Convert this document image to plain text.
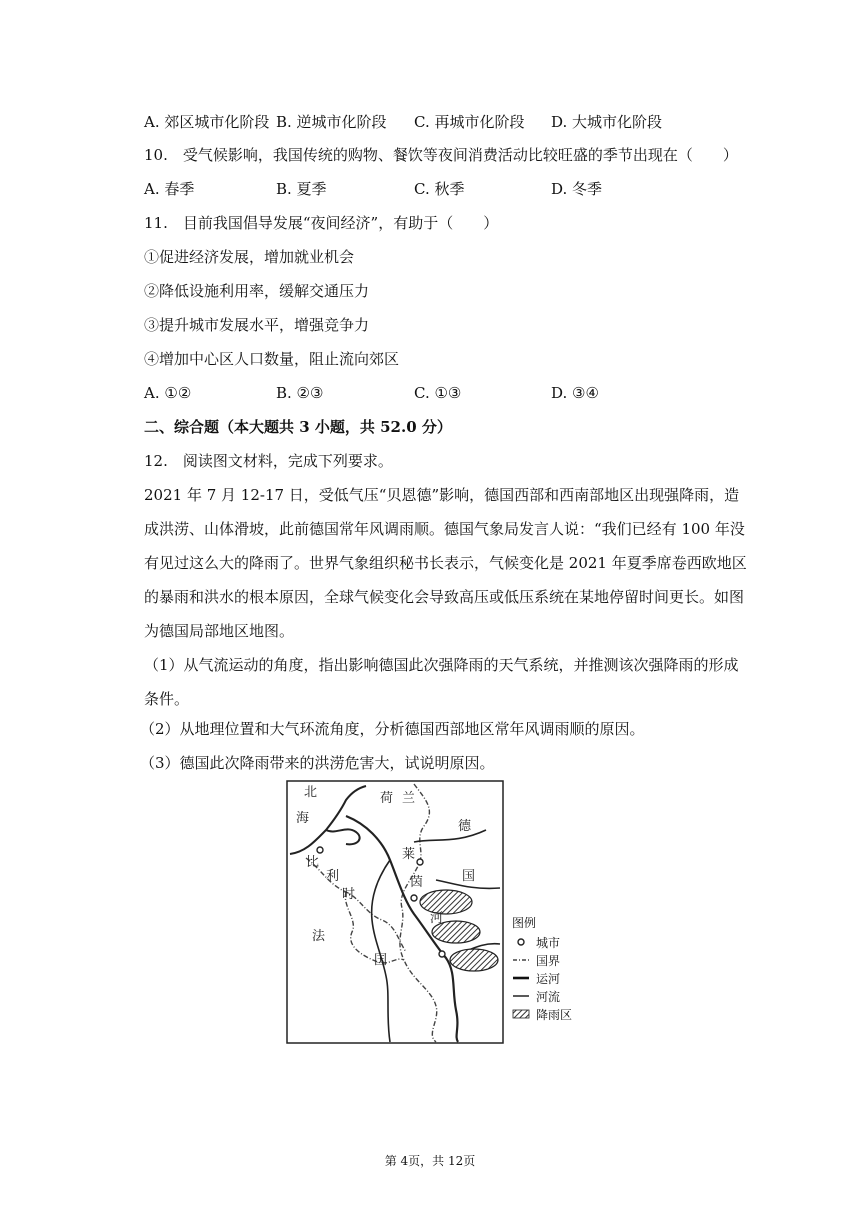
A. 郊区城市化阶段 B. 逆城市化阶段 C. 再城市化阶段 D. 大城市化阶段
10.　受气候影响，我国传统的购物、餐饮等夜间消费活动比较旺盛的季节出现在（　　）
A. 春季	B. 夏季	C. 秋季	D. 冬季
11.　目前我国倡导发展“夜间经济”，有助于（　　）
①促进经济发展，增加就业机会
②降低设施利用率，缓解交通压力
③提升城市发展水平，增强竞争力
④增加中心区人口数量，阻止流向郊区
A. ①②	B. ②③	C. ①③	D. ③④
二、综合题（本大题共 3 小题，共 52.0 分）
12.　阅读图文材料，完成下列要求。
2021 年 7 月 12-17 日，受低气压“贝恩德”影响，德国西部和西南部地区出现强降雨，造成洪涝、山体滑坡，此前德国常年风调雨顺。德国气象局发言人说：“我们已经有 100 年没有见过这么大的降雨了。世界气象组织秘书长表示，气候变化是 2021 年夏季席卷西欧地区的暴雨和洪水的根本原因，全球气候变化会导致高压或低压系统在某地停留时间更长。如图为德国局部地区地图。
（1）从气流运动的角度，指出影响德国此次强降雨的天气系统，并推测该次强降雨的形成条件。
（2）从地理位置和大气环流角度，分析德国西部地区常年风调雨顺的原因。
（3）德国此次降雨带来的洪涝危害大，试说明原因。
北
海
荷 兰
德
国
莱
茵
河
比
利
时
法
国
图例
城市
国界
运河
河流
降雨区
第 4页，共 12页
